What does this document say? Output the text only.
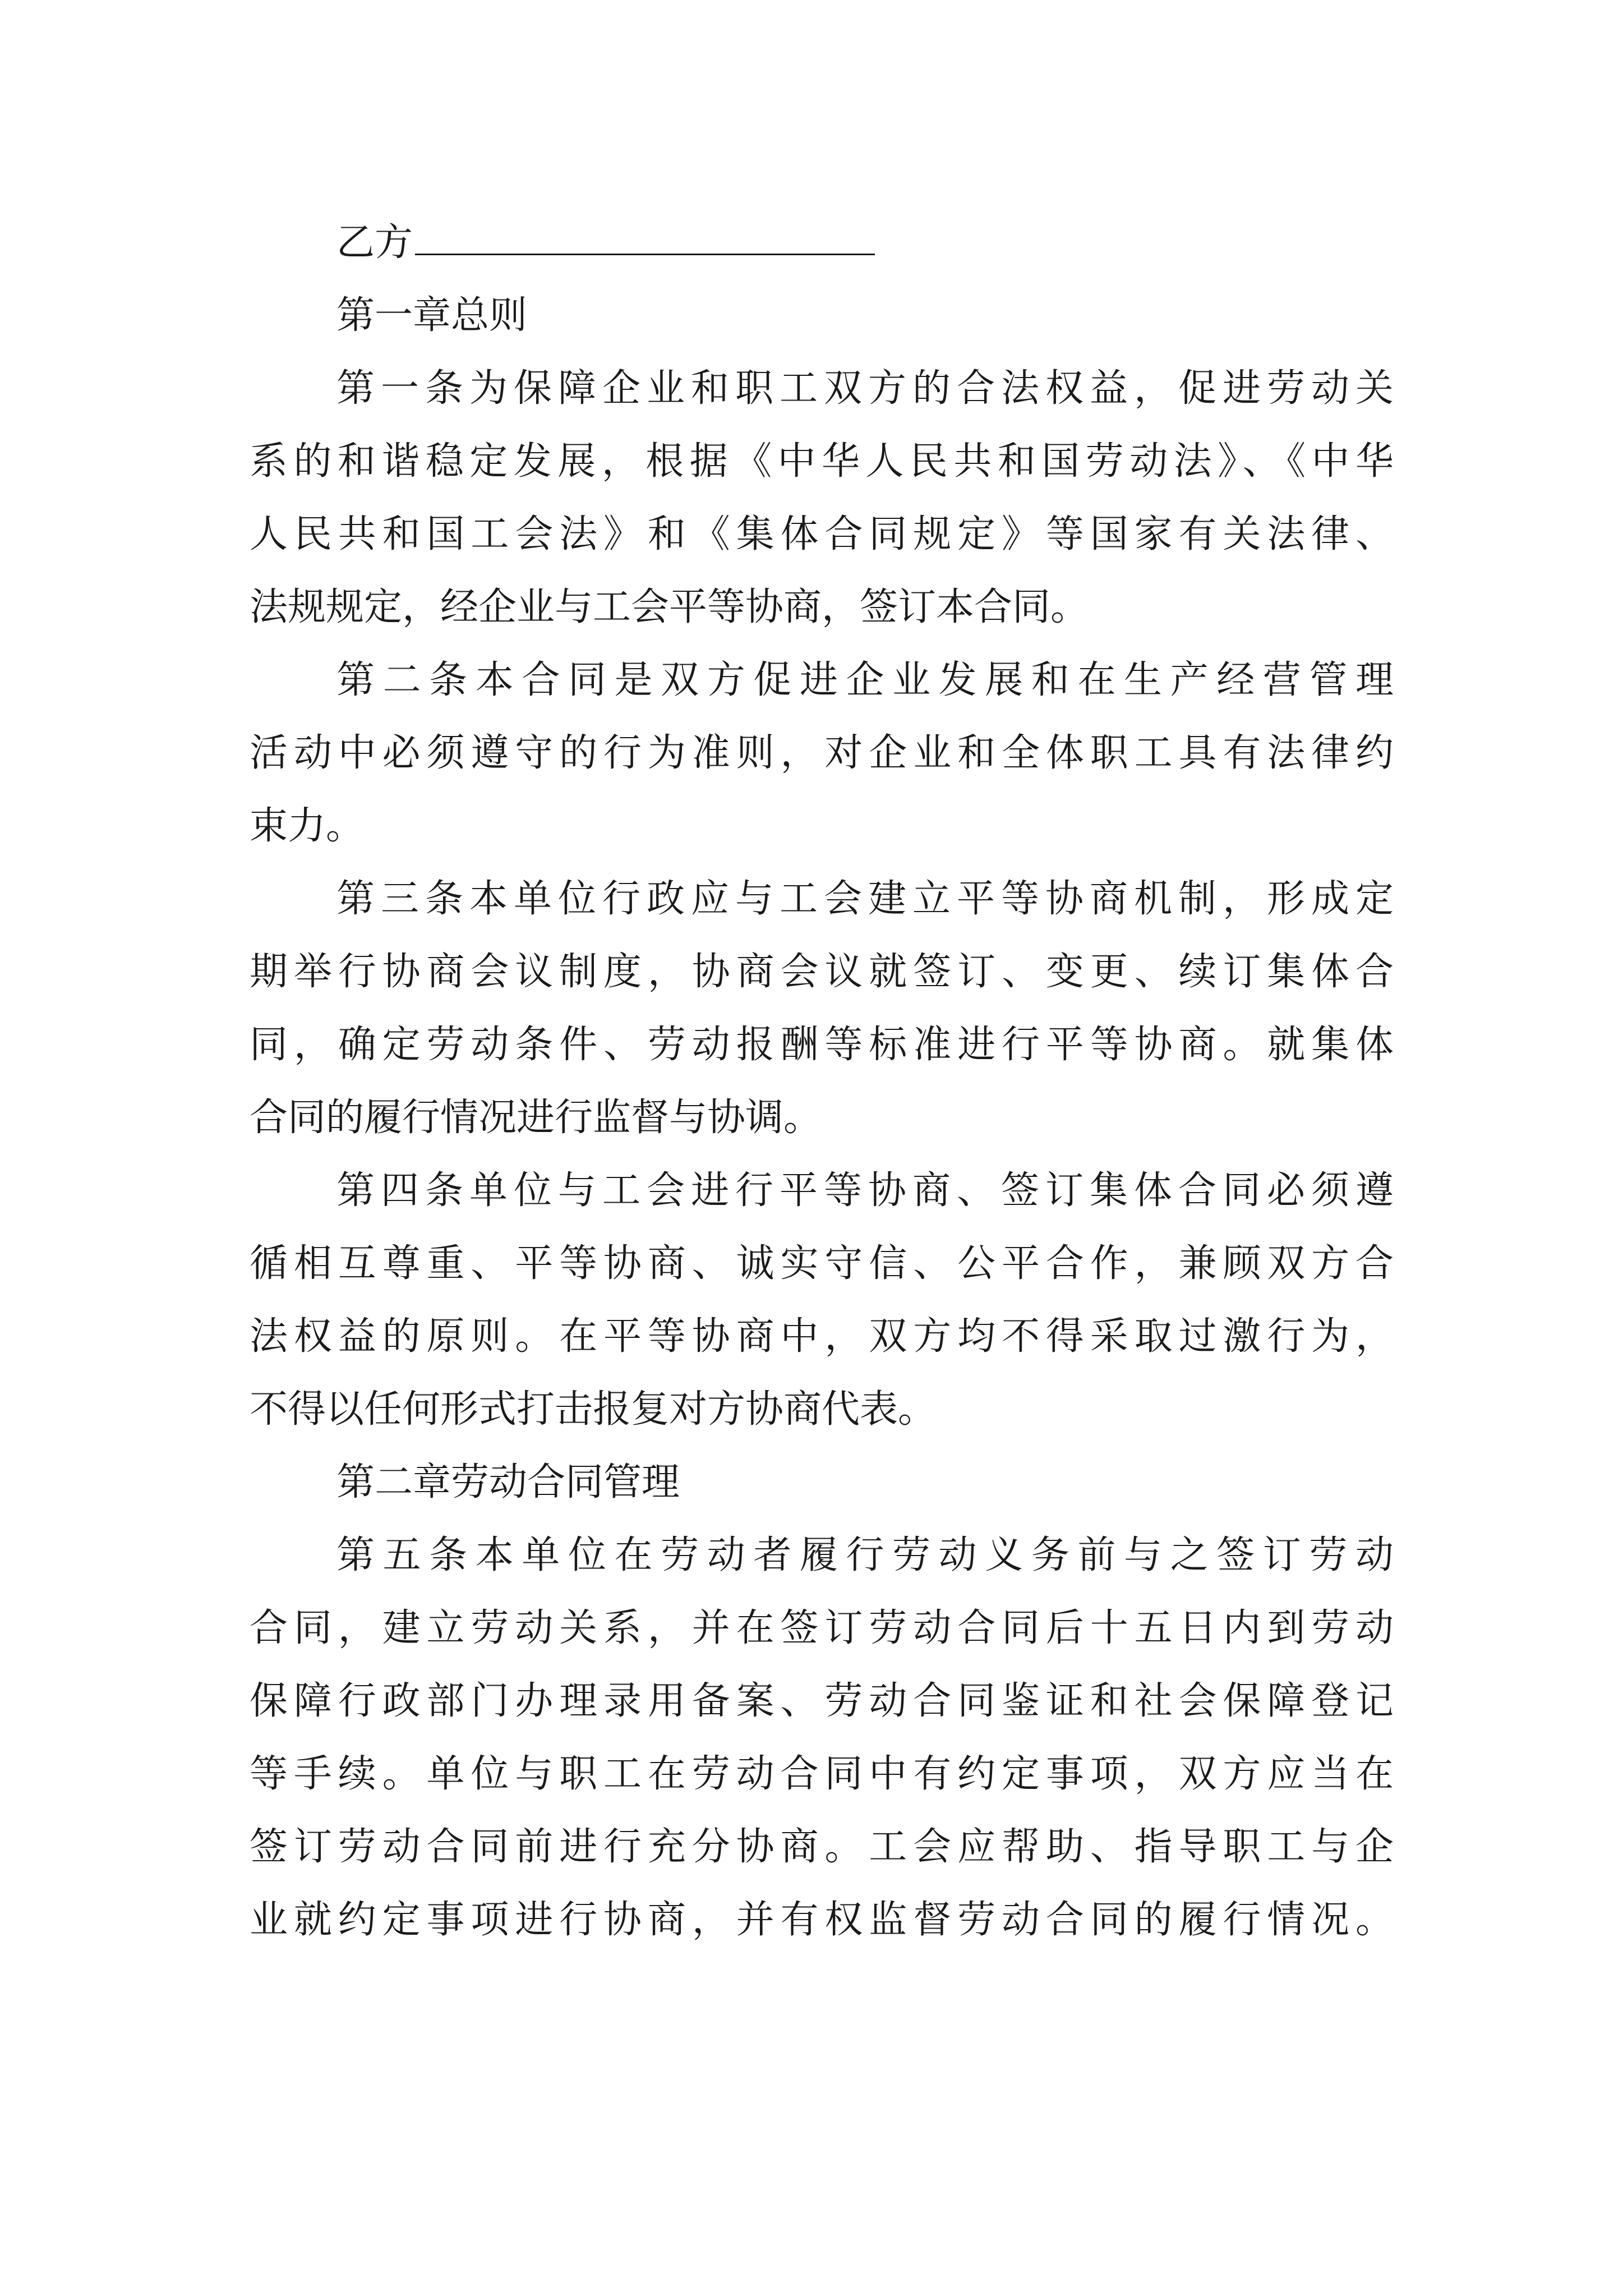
乙方
第一章总则
第一条为保障企业和职工双方的合法权益，促进劳动关
系的和谐稳定发展，根据《中华人民共和国劳动法》、《中华
人民共和国工会法》和《集体合同规定》等国家有关法律、
法规规定，经企业与工会平等协商，签订本合同。
第二条本合同是双方促进企业发展和在生产经营管理
活动中必须遵守的行为准则，对企业和全体职工具有法律约
束力。
第三条本单位行政应与工会建立平等协商机制，形成定
期举行协商会议制度，协商会议就签订、变更、续订集体合
同，确定劳动条件、劳动报酬等标准进行平等协商。就集体
合同的履行情况进行监督与协调。
第四条单位与工会进行平等协商、签订集体合同必须遵
循相互尊重、平等协商、诚实守信、公平合作，兼顾双方合
法权益的原则。在平等协商中，双方均不得采取过激行为，
不得以任何形式打击报复对方协商代表。
第二章劳动合同管理
第五条本单位在劳动者履行劳动义务前与之签订劳动
合同，建立劳动关系，并在签订劳动合同后十五日内到劳动
保障行政部门办理录用备案、劳动合同鉴证和社会保障登记
等手续。单位与职工在劳动合同中有约定事项，双方应当在
签订劳动合同前进行充分协商。工会应帮助、指导职工与企
业就约定事项进行协商，并有权监督劳动合同的履行情况。
